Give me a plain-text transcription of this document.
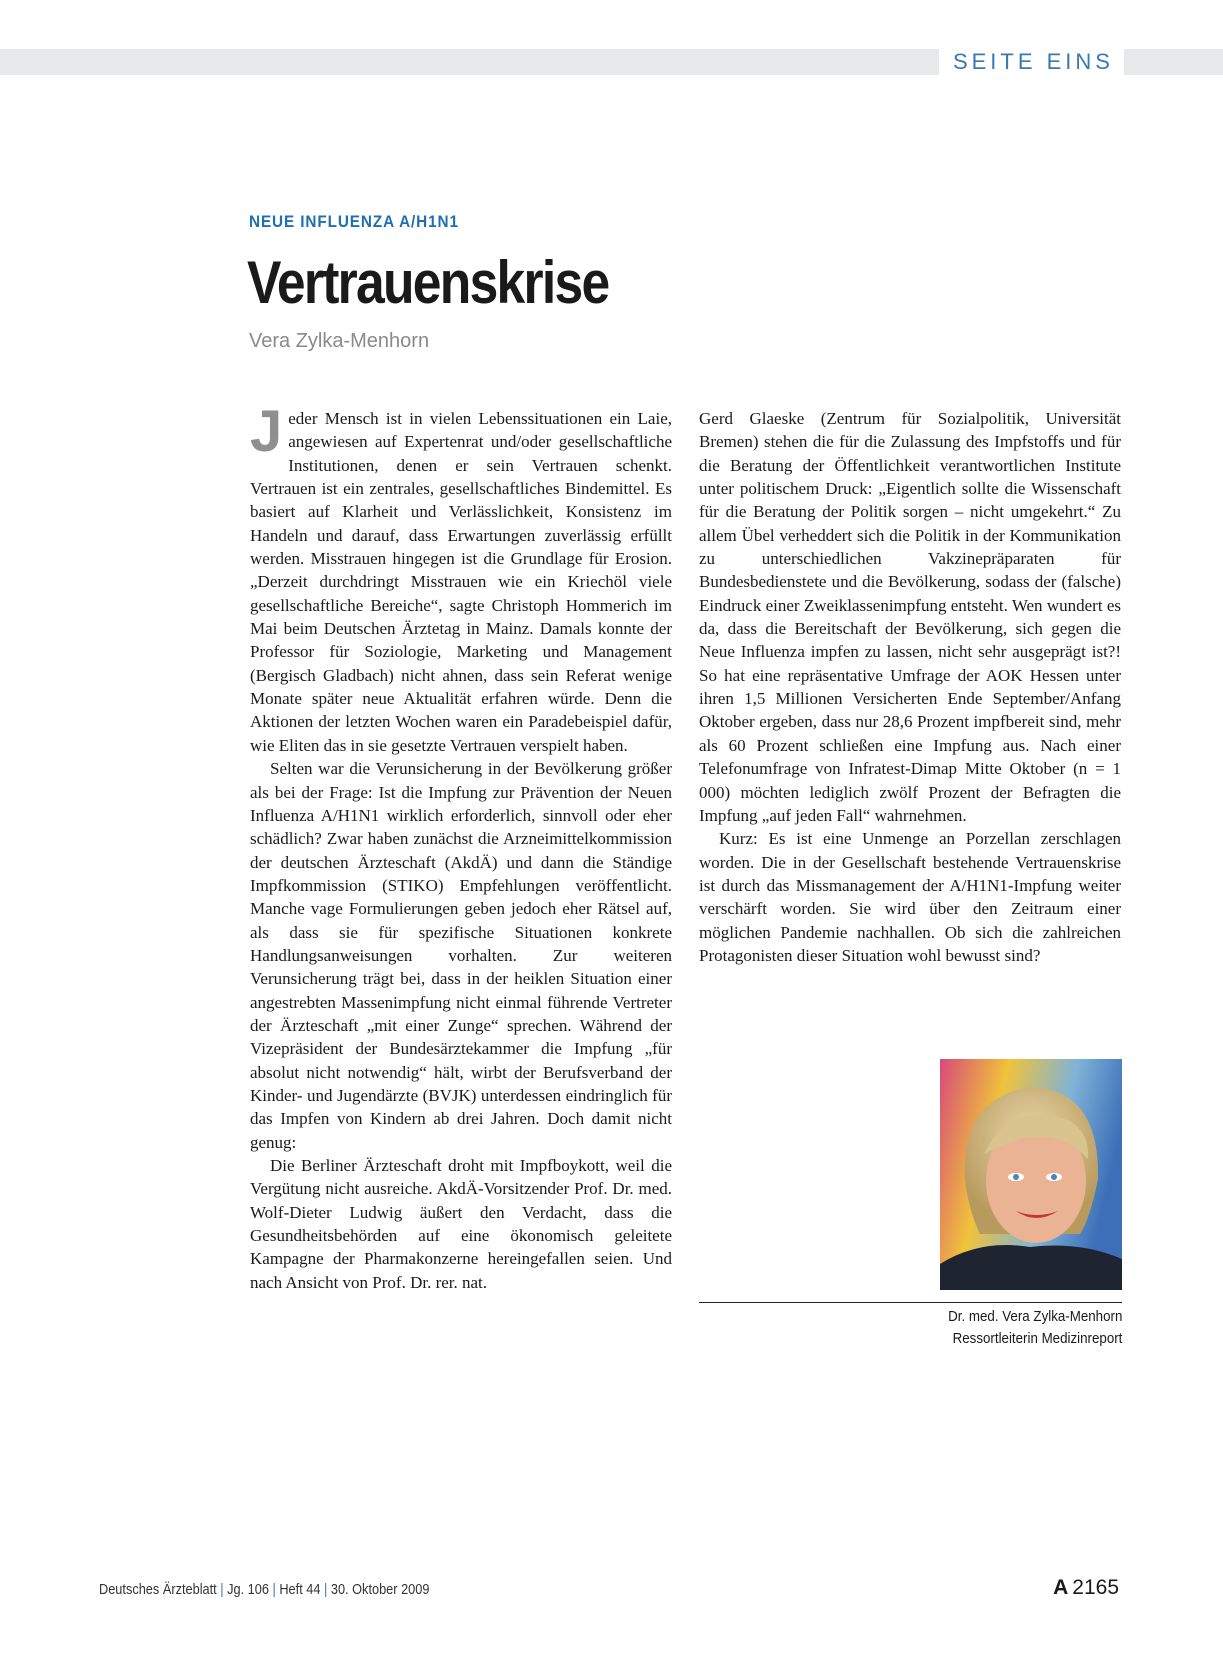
SEITE EINS
NEUE INFLUENZA A/H1N1
Vertrauenskrise
Vera Zylka-Menhorn

Jeder Mensch ist in vielen Lebenssituationen ein Laie, angewiesen auf Expertenrat und/oder gesellschaftliche Institutionen, denen er sein Vertrauen schenkt. Vertrauen ist ein zentrales, gesellschaftliches Bindemittel. Es basiert auf Klarheit und Verlässlichkeit, Konsistenz im Handeln und darauf, dass Erwartungen zuverlässig erfüllt werden. Misstrauen hingegen ist die Grundlage für Erosion. „Derzeit durchdringt Misstrauen wie ein Kriechöl viele gesellschaftliche Bereiche“, sagte Christoph Hommerich im Mai beim Deutschen Ärztetag in Mainz. Damals konnte der Professor für Soziologie, Marketing und Management (Bergisch Gladbach) nicht ahnen, dass sein Referat wenige Monate später neue Aktualität erfahren würde. Denn die Aktionen der letzten Wochen waren ein Paradebeispiel dafür, wie Eliten das in sie gesetzte Vertrauen verspielt haben.

Selten war die Verunsicherung in der Bevölkerung größer als bei der Frage: Ist die Impfung zur Prävention der Neuen Influenza A/H1N1 wirklich erforderlich, sinnvoll oder eher schädlich? Zwar haben zunächst die Arzneimittelkommission der deutschen Ärzteschaft (AkdÄ) und dann die Ständige Impfkommission (STIKO) Empfehlungen veröffentlicht. Manche vage Formulierungen geben jedoch eher Rätsel auf, als dass sie für spezifische Situationen konkrete Handlungsanweisungen vorhalten. Zur weiteren Verunsicherung trägt bei, dass in der heiklen Situation einer angestrebten Massenimpfung nicht einmal führende Vertreter der Ärzteschaft „mit einer Zunge“ sprechen. Während der Vizepräsident der Bundesärztekammer die Impfung „für absolut nicht notwendig“ hält, wirbt der Berufsverband der Kinder- und Jugendärzte (BVJK) unterdessen eindringlich für das Impfen von Kindern ab drei Jahren. Doch damit nicht genug:

Die Berliner Ärzteschaft droht mit Impfboykott, weil die Vergütung nicht ausreiche. AkdÄ-Vorsitzender Prof. Dr. med. Wolf-Dieter Ludwig äußert den Verdacht, dass die Gesundheitsbehörden auf eine ökonomisch geleitete Kampagne der Pharmakonzerne hereingefallen seien. Und nach Ansicht von Prof. Dr. rer. nat.

Gerd Glaeske (Zentrum für Sozialpolitik, Universität Bremen) stehen die für die Zulassung des Impfstoffs und für die Beratung der Öffentlichkeit verantwortlichen Institute unter politischem Druck: „Eigentlich sollte die Wissenschaft für die Beratung der Politik sorgen – nicht umgekehrt.“ Zu allem Übel verheddert sich die Politik in der Kommunikation zu unterschiedlichen Vakzinepräparaten für Bundesbedienstete und die Bevölkerung, sodass der (falsche) Eindruck einer Zweiklassenimpfung entsteht. Wen wundert es da, dass die Bereitschaft der Bevölkerung, sich gegen die Neue Influenza impfen zu lassen, nicht sehr ausgeprägt ist?! So hat eine repräsentative Umfrage der AOK Hessen unter ihren 1,5 Millionen Versicherten Ende September/Anfang Oktober ergeben, dass nur 28,6 Prozent impfbereit sind, mehr als 60 Prozent schließen eine Impfung aus. Nach einer Telefonumfrage von Infratest-Dimap Mitte Oktober (n = 1 000) möchten lediglich zwölf Prozent der Befragten die Impfung „auf jeden Fall“ wahrnehmen.

Kurz: Es ist eine Unmenge an Porzellan zerschlagen worden. Die in der Gesellschaft bestehende Vertrauenskrise ist durch das Missmanagement der A/H1N1-Impfung weiter verschärft worden. Sie wird über den Zeitraum einer möglichen Pandemie nachhallen. Ob sich die zahlreichen Protagonisten dieser Situation wohl bewusst sind?

Dr. med. Vera Zylka-Menhorn
Ressortleiterin Medizinreport
Deutsches Ärzteblatt | Jg. 106 | Heft 44 | 30. Oktober 2009	A 2165
